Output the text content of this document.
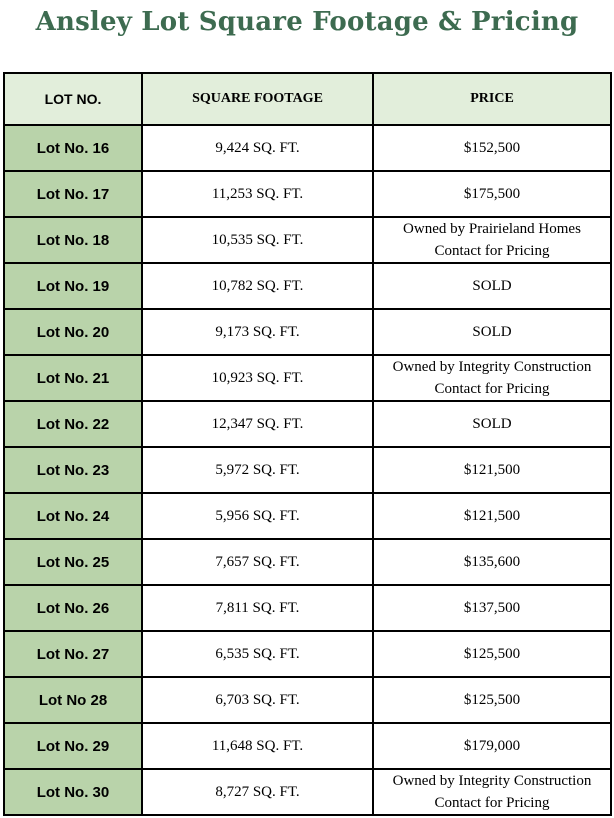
Ansley Lot Square Footage & Pricing
LOT NO.	SQUARE FOOTAGE	PRICE
Lot No. 16	9,424 SQ. FT.	$152,500

Lot No. 17	11,253 SQ. FT.	$175,500

Lot No. 18	10,535 SQ. FT.	Owned by Prairieland Homes
Contact for Pricing

Lot No. 19	10,782 SQ. FT.	SOLD

Lot No. 20	9,173 SQ. FT.	SOLD

Lot No. 21	10,923 SQ. FT.	Owned by Integrity Construction
Contact for Pricing

Lot No. 22	12,347 SQ. FT.	SOLD

Lot No. 23	5,972 SQ. FT.	$121,500

Lot No. 24	5,956 SQ. FT.	$121,500

Lot No. 25	7,657 SQ. FT.	$135,600

Lot No. 26	7,811 SQ. FT.	$137,500

Lot No. 27	6,535 SQ. FT.	$125,500

Lot No 28	6,703 SQ. FT.	$125,500

Lot No. 29	11,648 SQ. FT.	$179,000

Lot No. 30	8,727 SQ. FT.	Owned by Integrity Construction
Contact for Pricing
